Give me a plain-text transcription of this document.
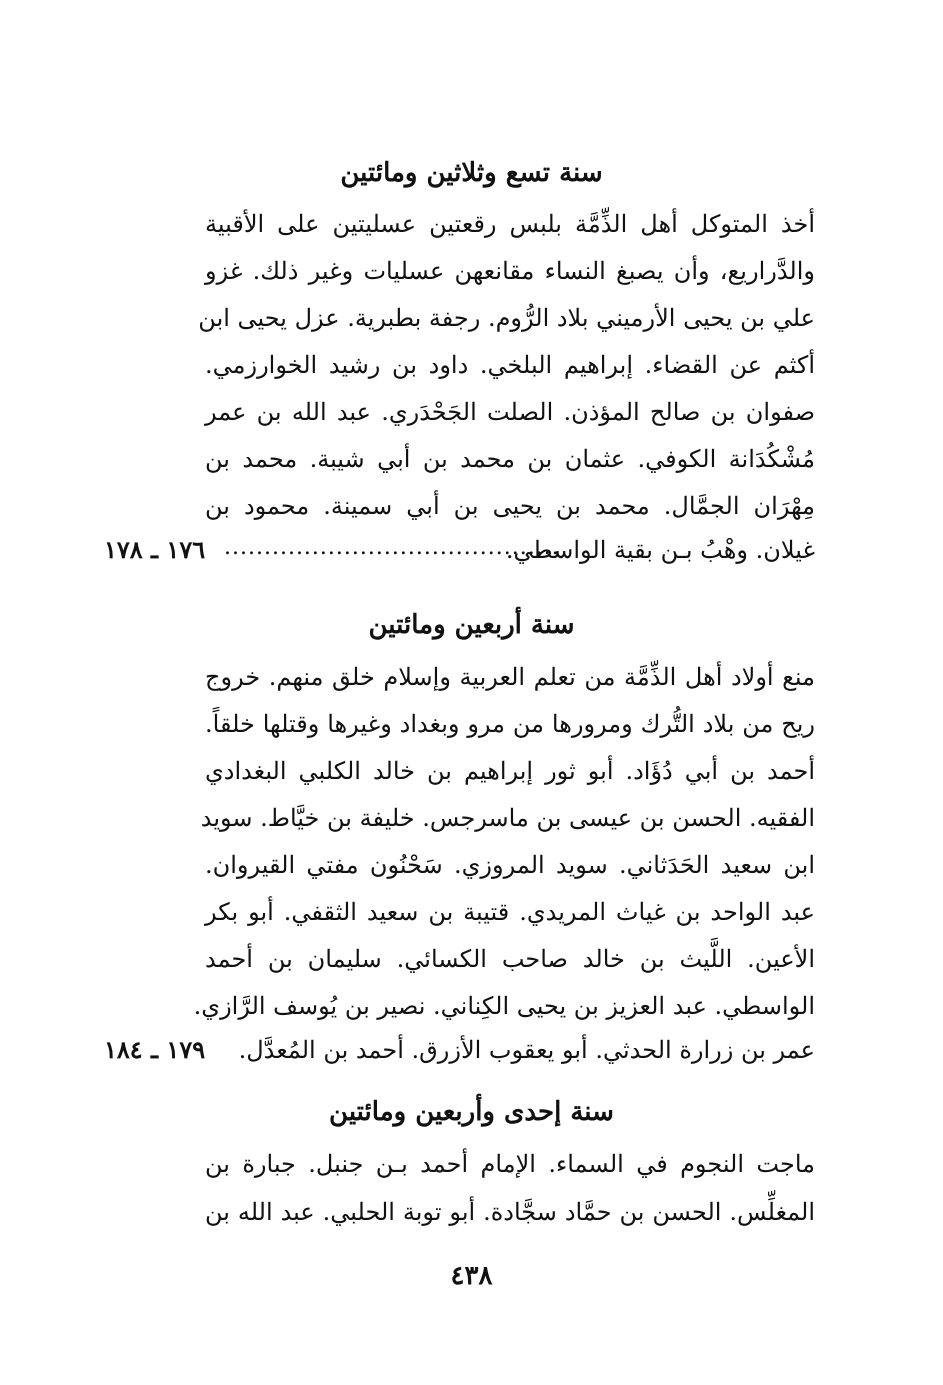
سنة تسع وثلاثين ومائتين
أخذ المتوكل أهل الذِّمَّة بلبس رقعتين عسليتين على الأقبية
والدَّراريع، وأن يصبغ النساء مقانعهن عسليات وغير ذلك. غزو
علي بن يحيى الأرميني بلاد الرُّوم. رجفة بطبرية. عزل يحيى ابن
أكثم عن القضاء. إبراهيم البلخي. داود بن رشيد الخوارزمي.
صفوان بن صالح المؤذن. الصلت الجَحْدَري. عبد الله بن عمر
مُشْكُدَانة الكوفي. عثمان بن محمد بن أبي شيبة. محمد بن
مِهْرَان الجمَّال. محمد بن يحيى بن أبي سمينة. محمود بن
غيلان. وهْبُ بـن بقية الواسطي.
..........................................
١٧٦ ـ ١٧٨
سنة أربعين ومائتين
منع أولاد أهل الذِّمَّة من تعلم العربية وإسلام خلق منهم. خروج
ريح من بلاد التُّرك ومرورها من مرو وبغداد وغيرها وقتلها خلقاً.
أحمد بن أبي دُؤَاد. أبو ثور إبراهيم بن خالد الكلبي البغدادي
الفقيه. الحسن بن عيسى بن ماسرجس. خليفة بن خيَّاط. سويد
ابن سعيد الحَدَثاني. سويد المروزي. سَحْنُون مفتي القيروان.
عبد الواحد بن غياث المريدي. قتيبة بن سعيد الثقفي. أبو بكر
الأعين. اللَّيث بن خالد صاحب الكسائي. سليمان بن أحمد
الواسطي. عبد العزيز بن يحيى الكِناني. نصير بن يُوسف الرَّازي.
عمر بن زرارة الحدثي. أبو يعقوب الأزرق. أحمد بن المُعدَّل.
١٧٩ ـ ١٨٤
سنة إحدى وأربعين ومائتين
ماجت النجوم في السماء. الإمام أحمد بـن جنبل. جبارة بن
المغلِّس. الحسن بن حمَّاد سجَّادة. أبو توبة الحلبي. عبد الله بن
٤٣٨
